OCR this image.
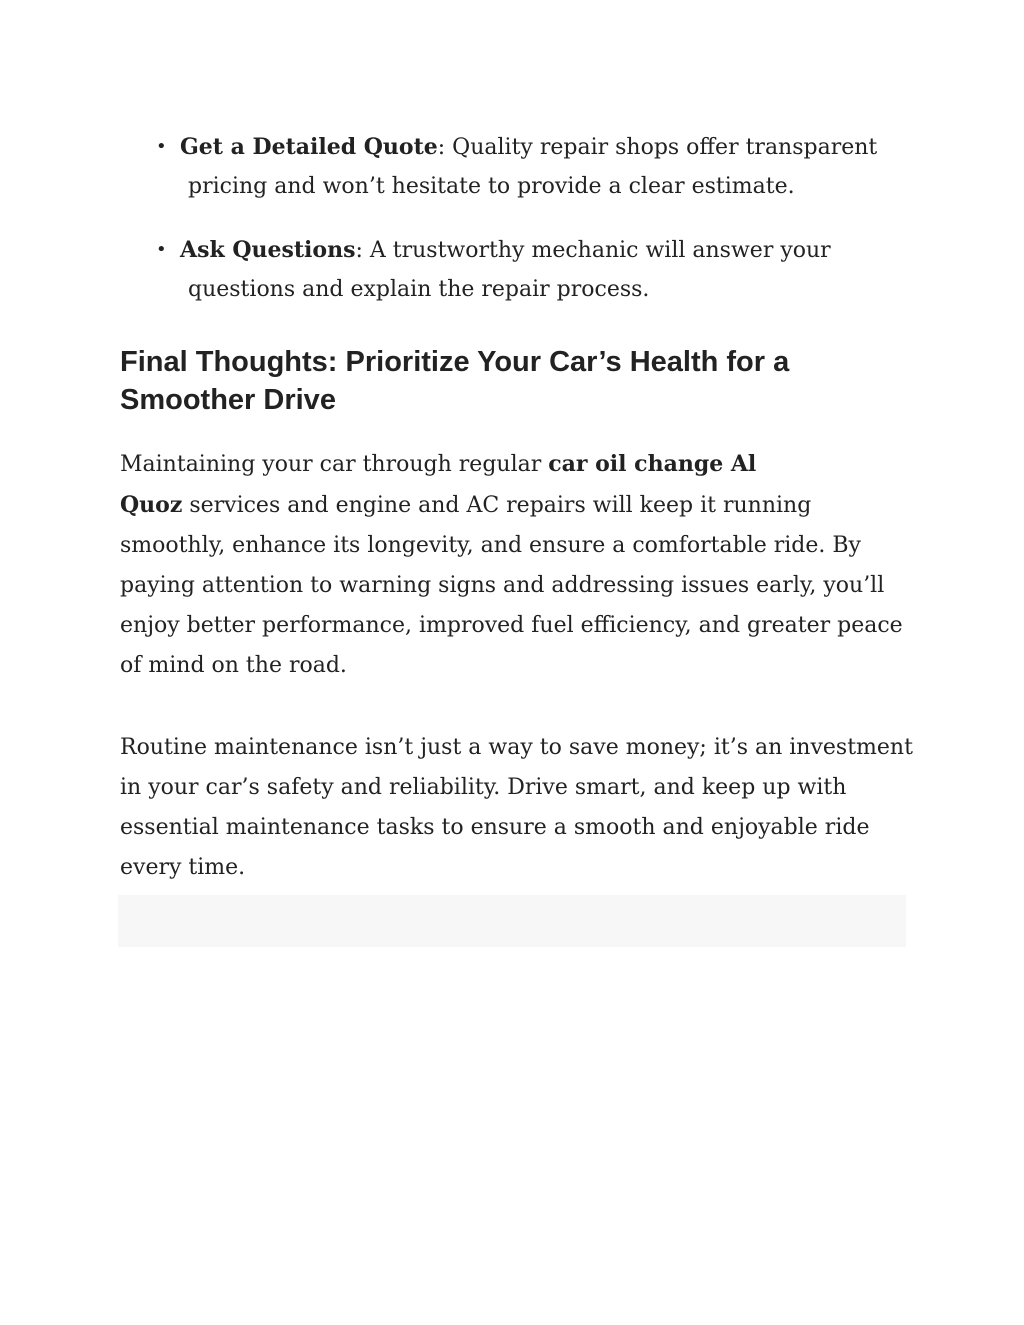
• Get a Detailed Quote: Quality repair shops offer transparent
pricing and won’t hesitate to provide a clear estimate.
• Ask Questions: A trustworthy mechanic will answer your
questions and explain the repair process.
Final Thoughts: Prioritize Your Car’s Health for a
Smoother Drive
Maintaining your car through regular car oil change Al
Quoz services and engine and AC repairs will keep it running
smoothly, enhance its longevity, and ensure a comfortable ride. By
paying attention to warning signs and addressing issues early, you’ll
enjoy better performance, improved fuel efficiency, and greater peace
of mind on the road.
Routine maintenance isn’t just a way to save money; it’s an investment
in your car’s safety and reliability. Drive smart, and keep up with
essential maintenance tasks to ensure a smooth and enjoyable ride
every time.
